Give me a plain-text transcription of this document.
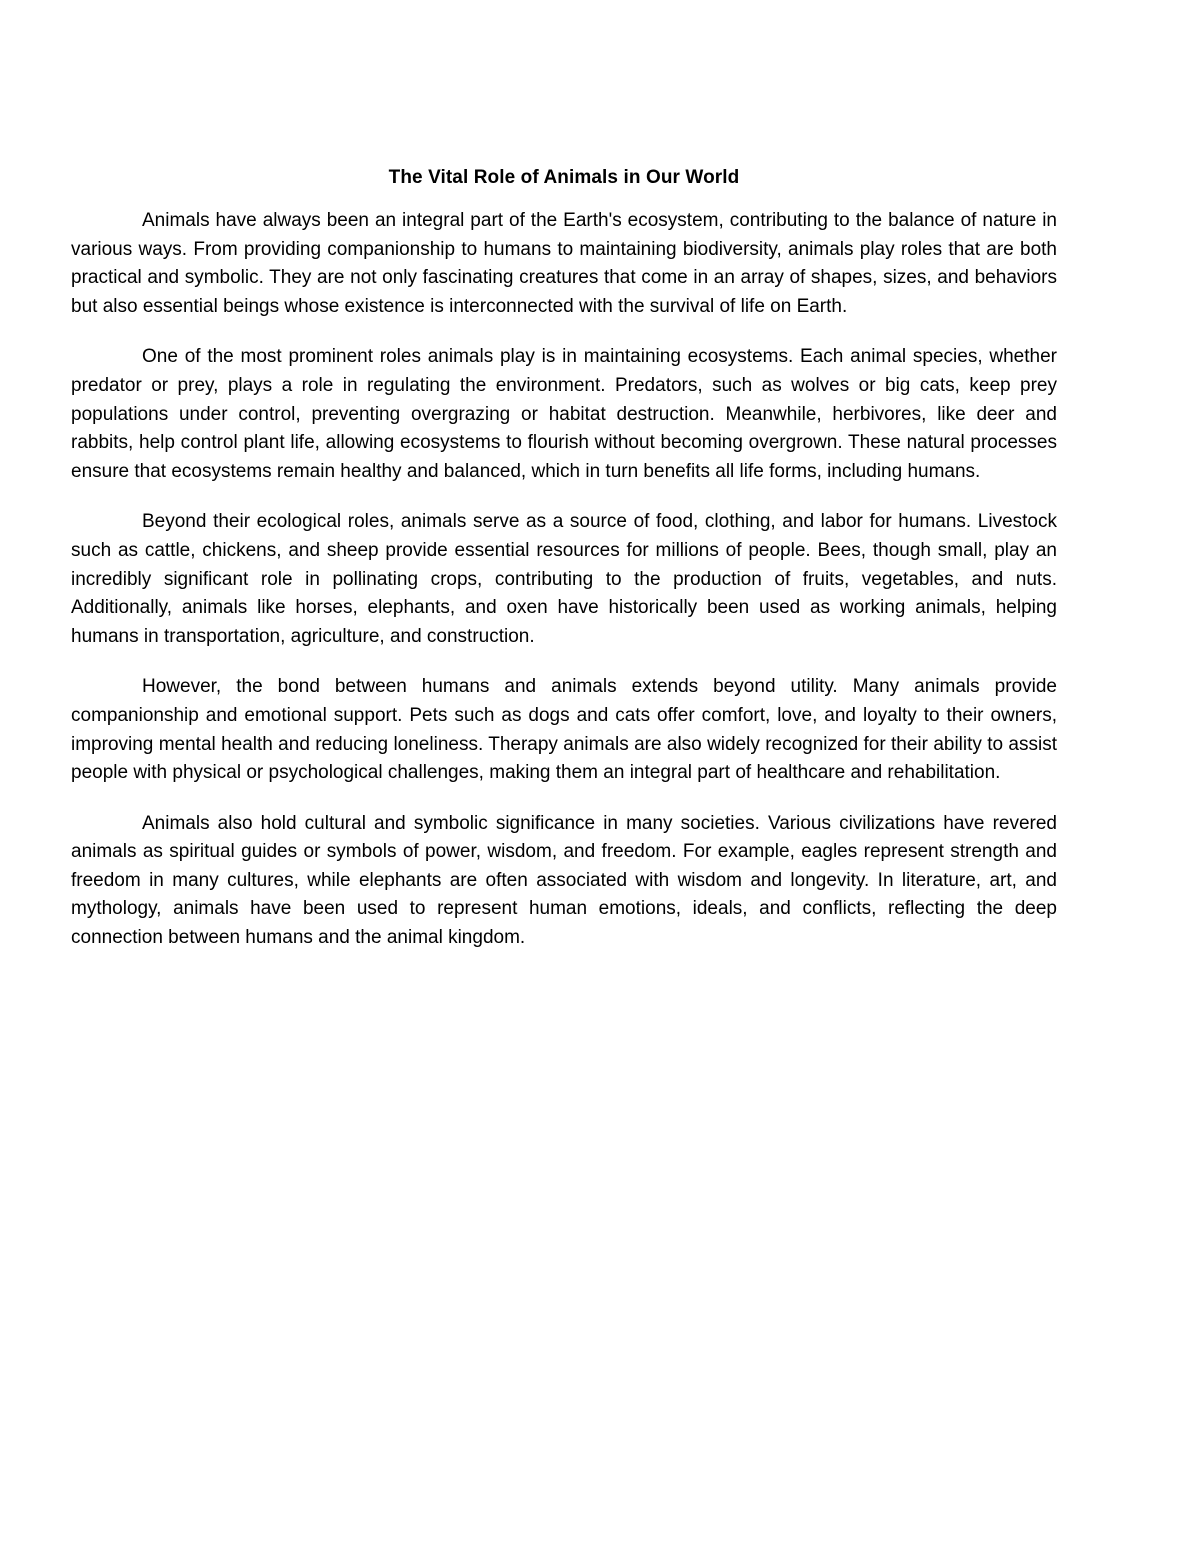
The Vital Role of Animals in Our World

Animals have always been an integral part of the Earth's ecosystem, contributing to the balance of nature in various ways. From providing companionship to humans to maintaining biodiversity, animals play roles that are both practical and symbolic. They are not only fascinating creatures that come in an array of shapes, sizes, and behaviors but also essential beings whose existence is interconnected with the survival of life on Earth.

One of the most prominent roles animals play is in maintaining ecosystems. Each animal species, whether predator or prey, plays a role in regulating the environment. Predators, such as wolves or big cats, keep prey populations under control, preventing overgrazing or habitat destruction. Meanwhile, herbivores, like deer and rabbits, help control plant life, allowing ecosystems to flourish without becoming overgrown. These natural processes ensure that ecosystems remain healthy and balanced, which in turn benefits all life forms, including humans.

Beyond their ecological roles, animals serve as a source of food, clothing, and labor for humans. Livestock such as cattle, chickens, and sheep provide essential resources for millions of people. Bees, though small, play an incredibly significant role in pollinating crops, contributing to the production of fruits, vegetables, and nuts. Additionally, animals like horses, elephants, and oxen have historically been used as working animals, helping humans in transportation, agriculture, and construction.

However, the bond between humans and animals extends beyond utility. Many animals provide companionship and emotional support. Pets such as dogs and cats offer comfort, love, and loyalty to their owners, improving mental health and reducing loneliness. Therapy animals are also widely recognized for their ability to assist people with physical or psychological challenges, making them an integral part of healthcare and rehabilitation.

Animals also hold cultural and symbolic significance in many societies. Various civilizations have revered animals as spiritual guides or symbols of power, wisdom, and freedom. For example, eagles represent strength and freedom in many cultures, while elephants are often associated with wisdom and longevity. In literature, art, and mythology, animals have been used to represent human emotions, ideals, and conflicts, reflecting the deep connection between humans and the animal kingdom.
